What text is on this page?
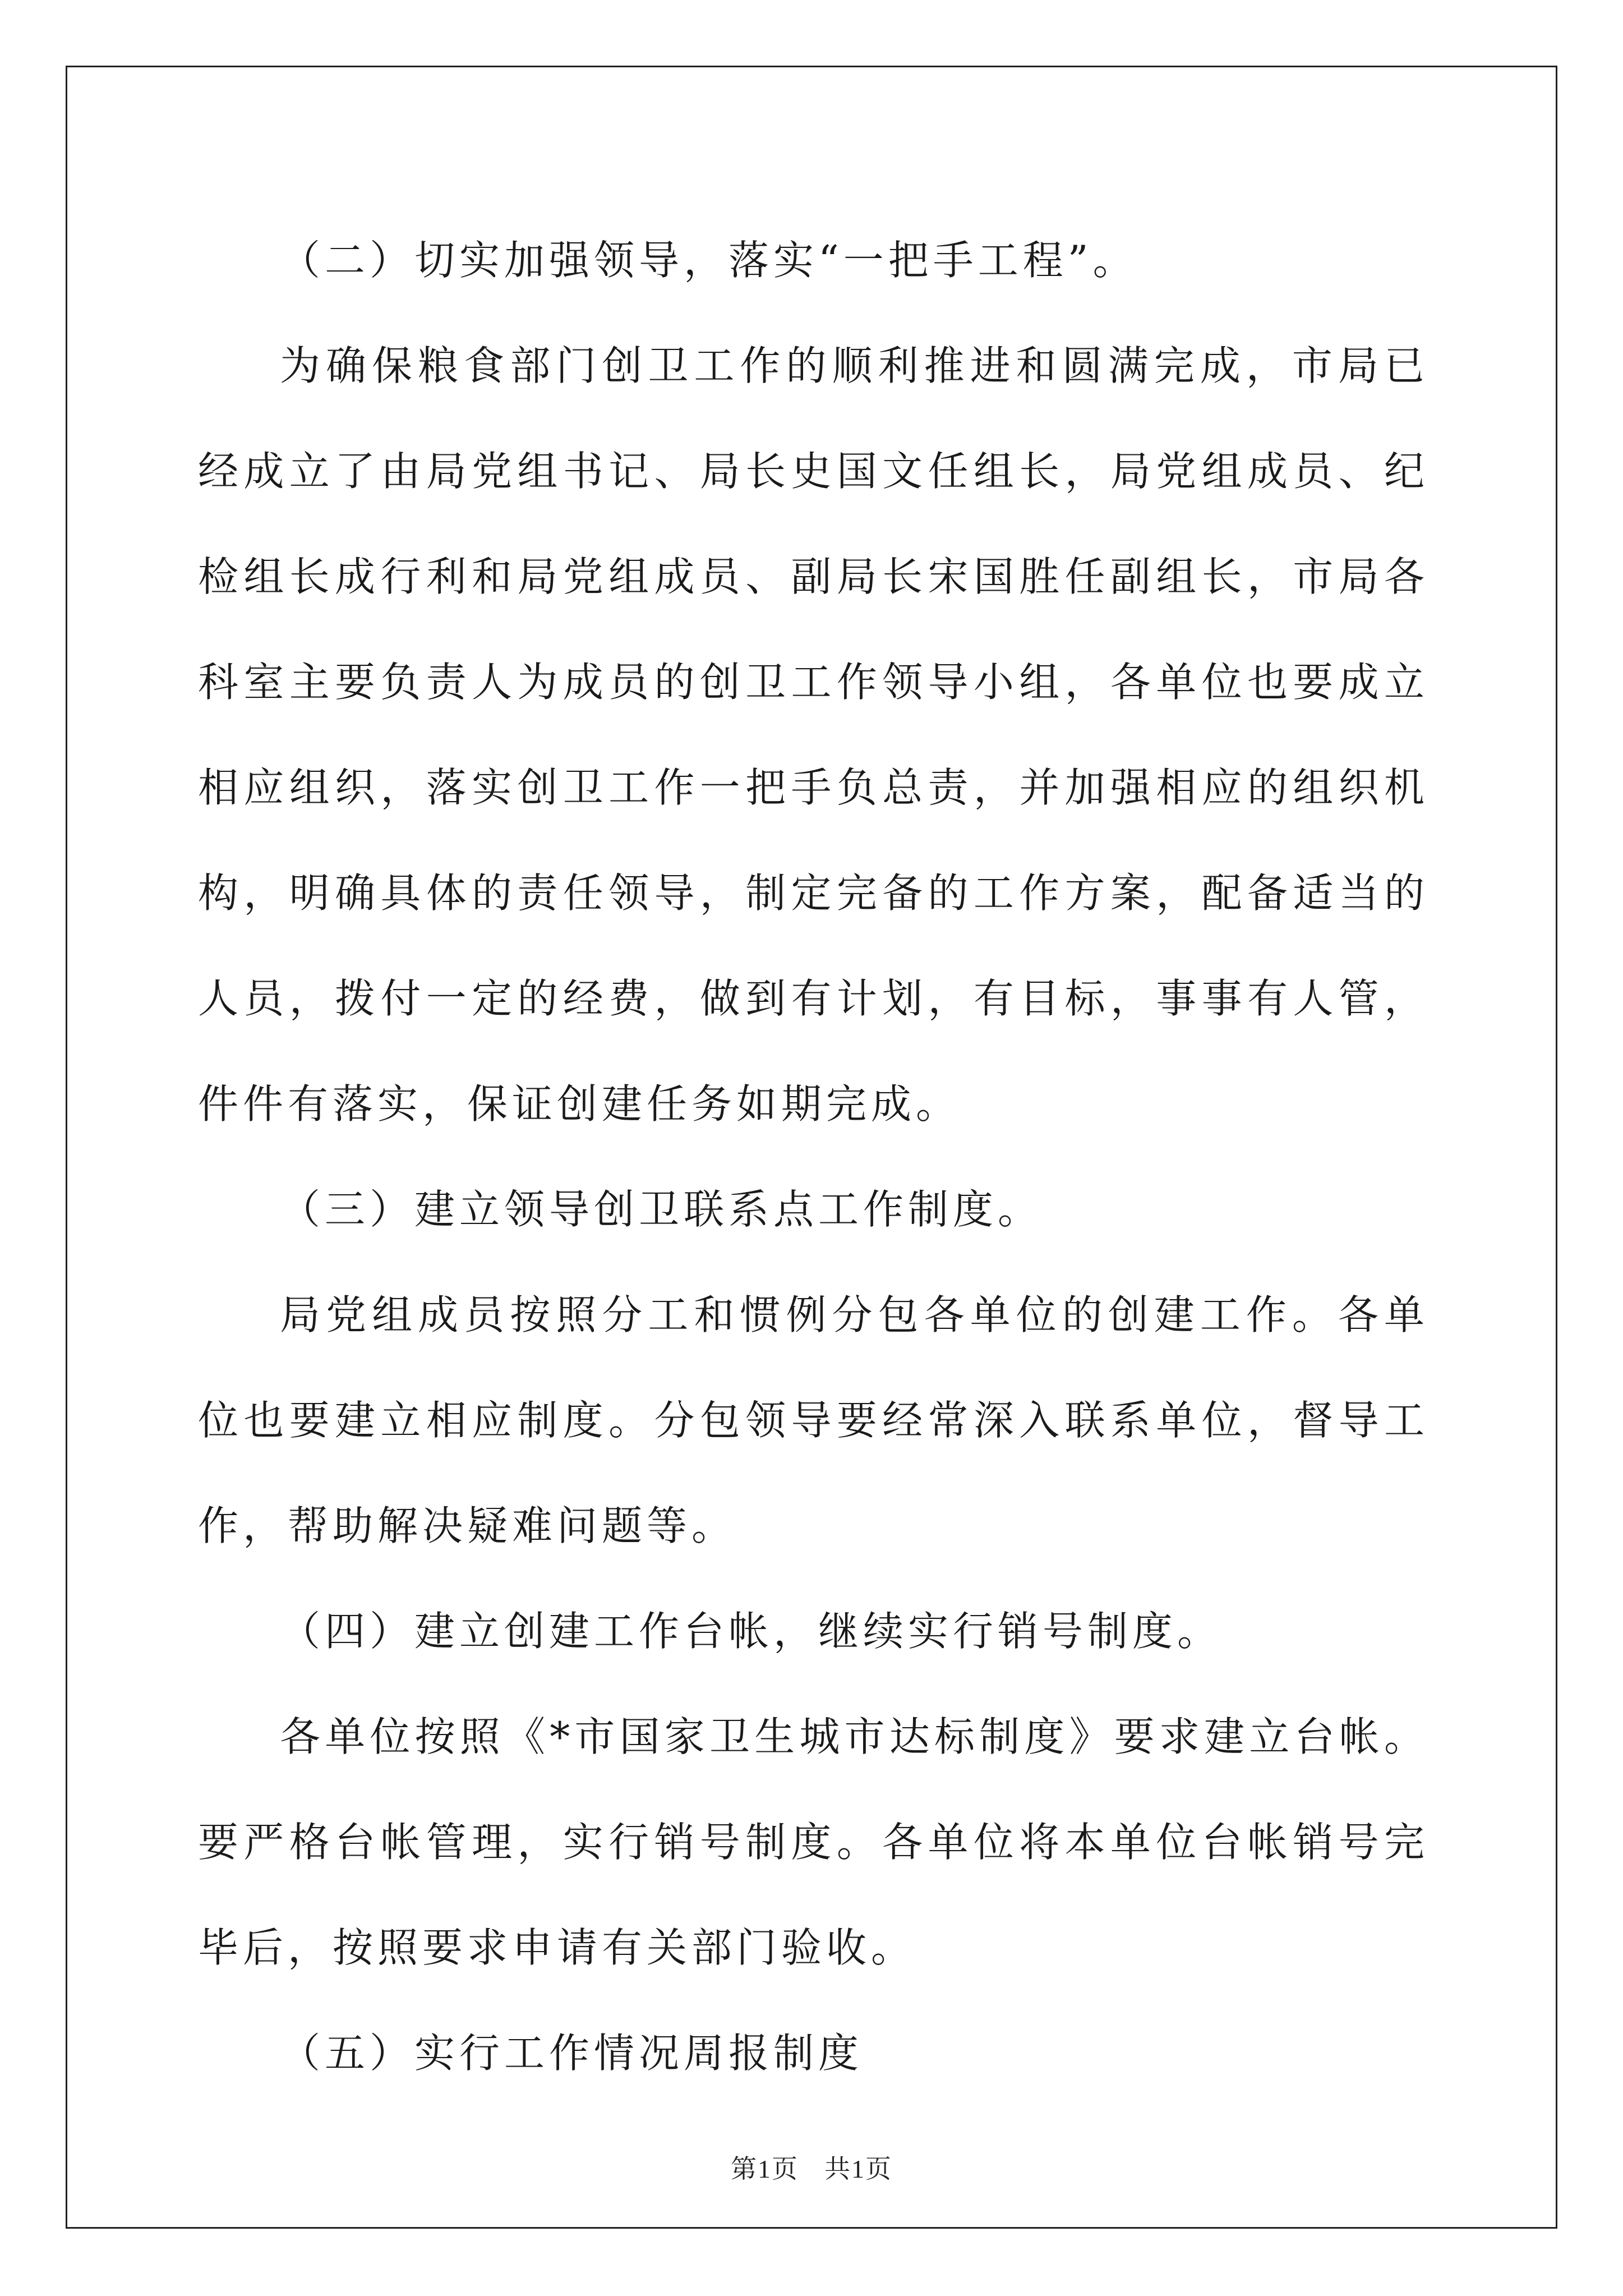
（二）切实加强领导，落实“一把手工程”。

为确保粮食部门创卫工作的顺利推进和圆满完成，市局已经成立了由局党组书记、局长史国文任组长，局党组成员、纪检组长成行利和局党组成员、副局长宋国胜任副组长，市局各科室主要负责人为成员的创卫工作领导小组，各单位也要成立相应组织，落实创卫工作一把手负总责，并加强相应的组织机构，明确具体的责任领导，制定完备的工作方案，配备适当的人员，拨付一定的经费，做到有计划，有目标，事事有人管，件件有落实，保证创建任务如期完成。

（三）建立领导创卫联系点工作制度。

局党组成员按照分工和惯例分包各单位的创建工作。各单位也要建立相应制度。分包领导要经常深入联系单位，督导工作，帮助解决疑难问题等。

（四）建立创建工作台帐，继续实行销号制度。

各单位按照《*市国家卫生城市达标制度》要求建立台帐。要严格台帐管理，实行销号制度。各单位将本单位台帐销号完毕后，按照要求申请有关部门验收。

（五）实行工作情况周报制度

第1页 共1页
